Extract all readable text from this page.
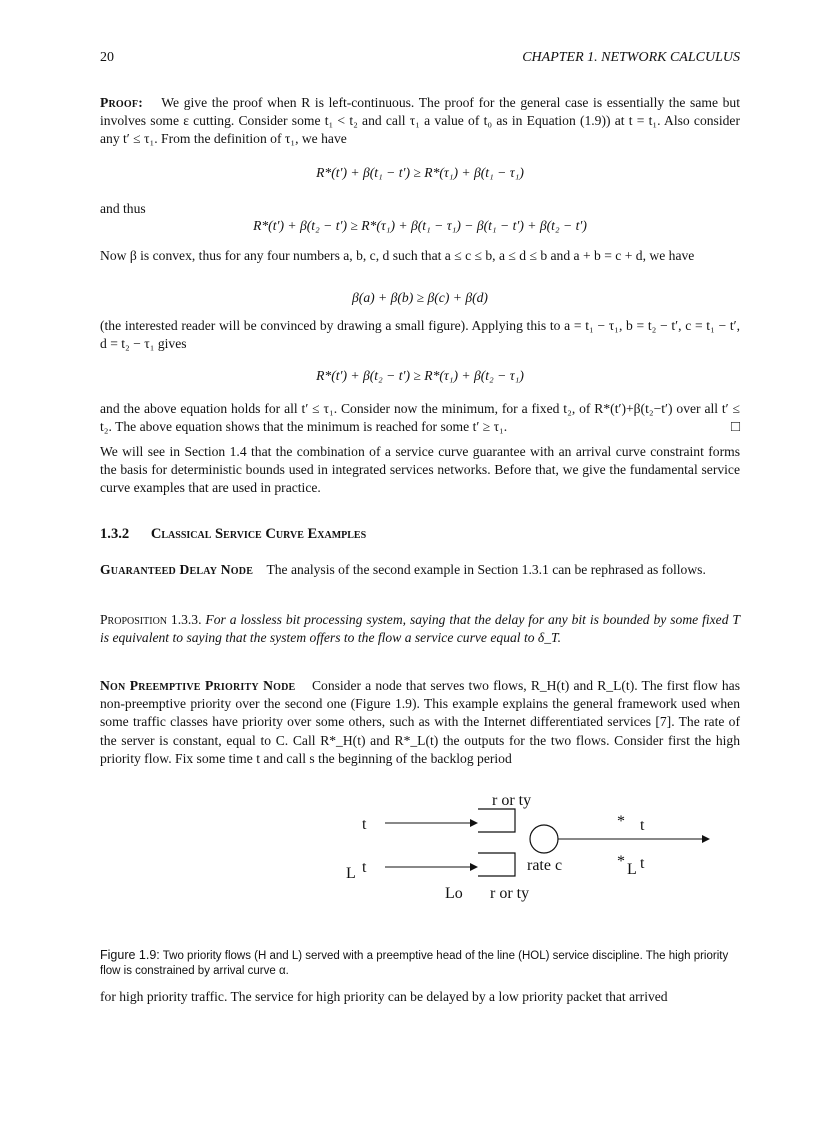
20	CHAPTER 1. NETWORK CALCULUS

Proof: We give the proof when R is left-continuous. The proof for the general case is essentially the same but involves some ε cutting. Consider some t₁ < t₂ and call τ₁ a value of t₀ as in Equation (1.9)) at t = t₁. Also consider any t′ ≤ τ₁. From the definition of τ₁, we have

R*(t′) + β(t₁ − t′) ≥ R*(τ₁) + β(t₁ − τ₁)

and thus

R*(t′) + β(t₂ − t′) ≥ R*(τ₁) + β(t₁ − τ₁) − β(t₁ − t′) + β(t₂ − t′)

Now β is convex, thus for any four numbers a, b, c, d such that a ≤ c ≤ b, a ≤ d ≤ b and a + b = c + d, we have

β(a) + β(b) ≥ β(c) + β(d)

(the interested reader will be convinced by drawing a small figure). Applying this to a = t₁ − τ₁, b = t₂ − t′, c = t₁ − t′, d = t₂ − τ₁ gives

R*(t′) + β(t₂ − t′) ≥ R*(τ₁) + β(t₂ − τ₁)

and the above equation holds for all t′ ≤ τ₁. Consider now the minimum, for a fixed t₂, of R*(t′)+β(t₂−t′) over all t′ ≤ t₂. The above equation shows that the minimum is reached for some t′ ≥ τ₁.	□

We will see in Section 1.4 that the combination of a service curve guarantee with an arrival curve constraint forms the basis for deterministic bounds used in integrated services networks. Before that, we give the fundamental service curve examples that are used in practice.

1.3.2 Classical Service Curve Examples

Guaranteed Delay Node The analysis of the second example in Section 1.3.1 can be rephrased as follows.

Proposition 1.3.3. For a lossless bit processing system, saying that the delay for any bit is bounded by some fixed T is equivalent to saying that the system offers to the flow a service curve equal to δ_T.

Non Preemptive Priority Node Consider a node that serves two flows, R_H(t) and R_L(t). The first flow has non-preemptive priority over the second one (Figure 1.9). This example explains the general framework used when some traffic classes have priority over some others, such as with the Internet differentiated services [7]. The rate of the server is constant, equal to C. Call R*_H(t) and R*_L(t) the outputs for the two flows. Consider first the high priority flow. Fix some time t and call s the beginning of the backlog period

r or ty
t
L t
* t
rate c	* L t
Lo r or ty

Figure 1.9: Two priority flows (H and L) served with a preemptive head of the line (HOL) service discipline. The high priority flow is constrained by arrival curve α.

for high priority traffic. The service for high priority can be delayed by a low priority packet that arrived
